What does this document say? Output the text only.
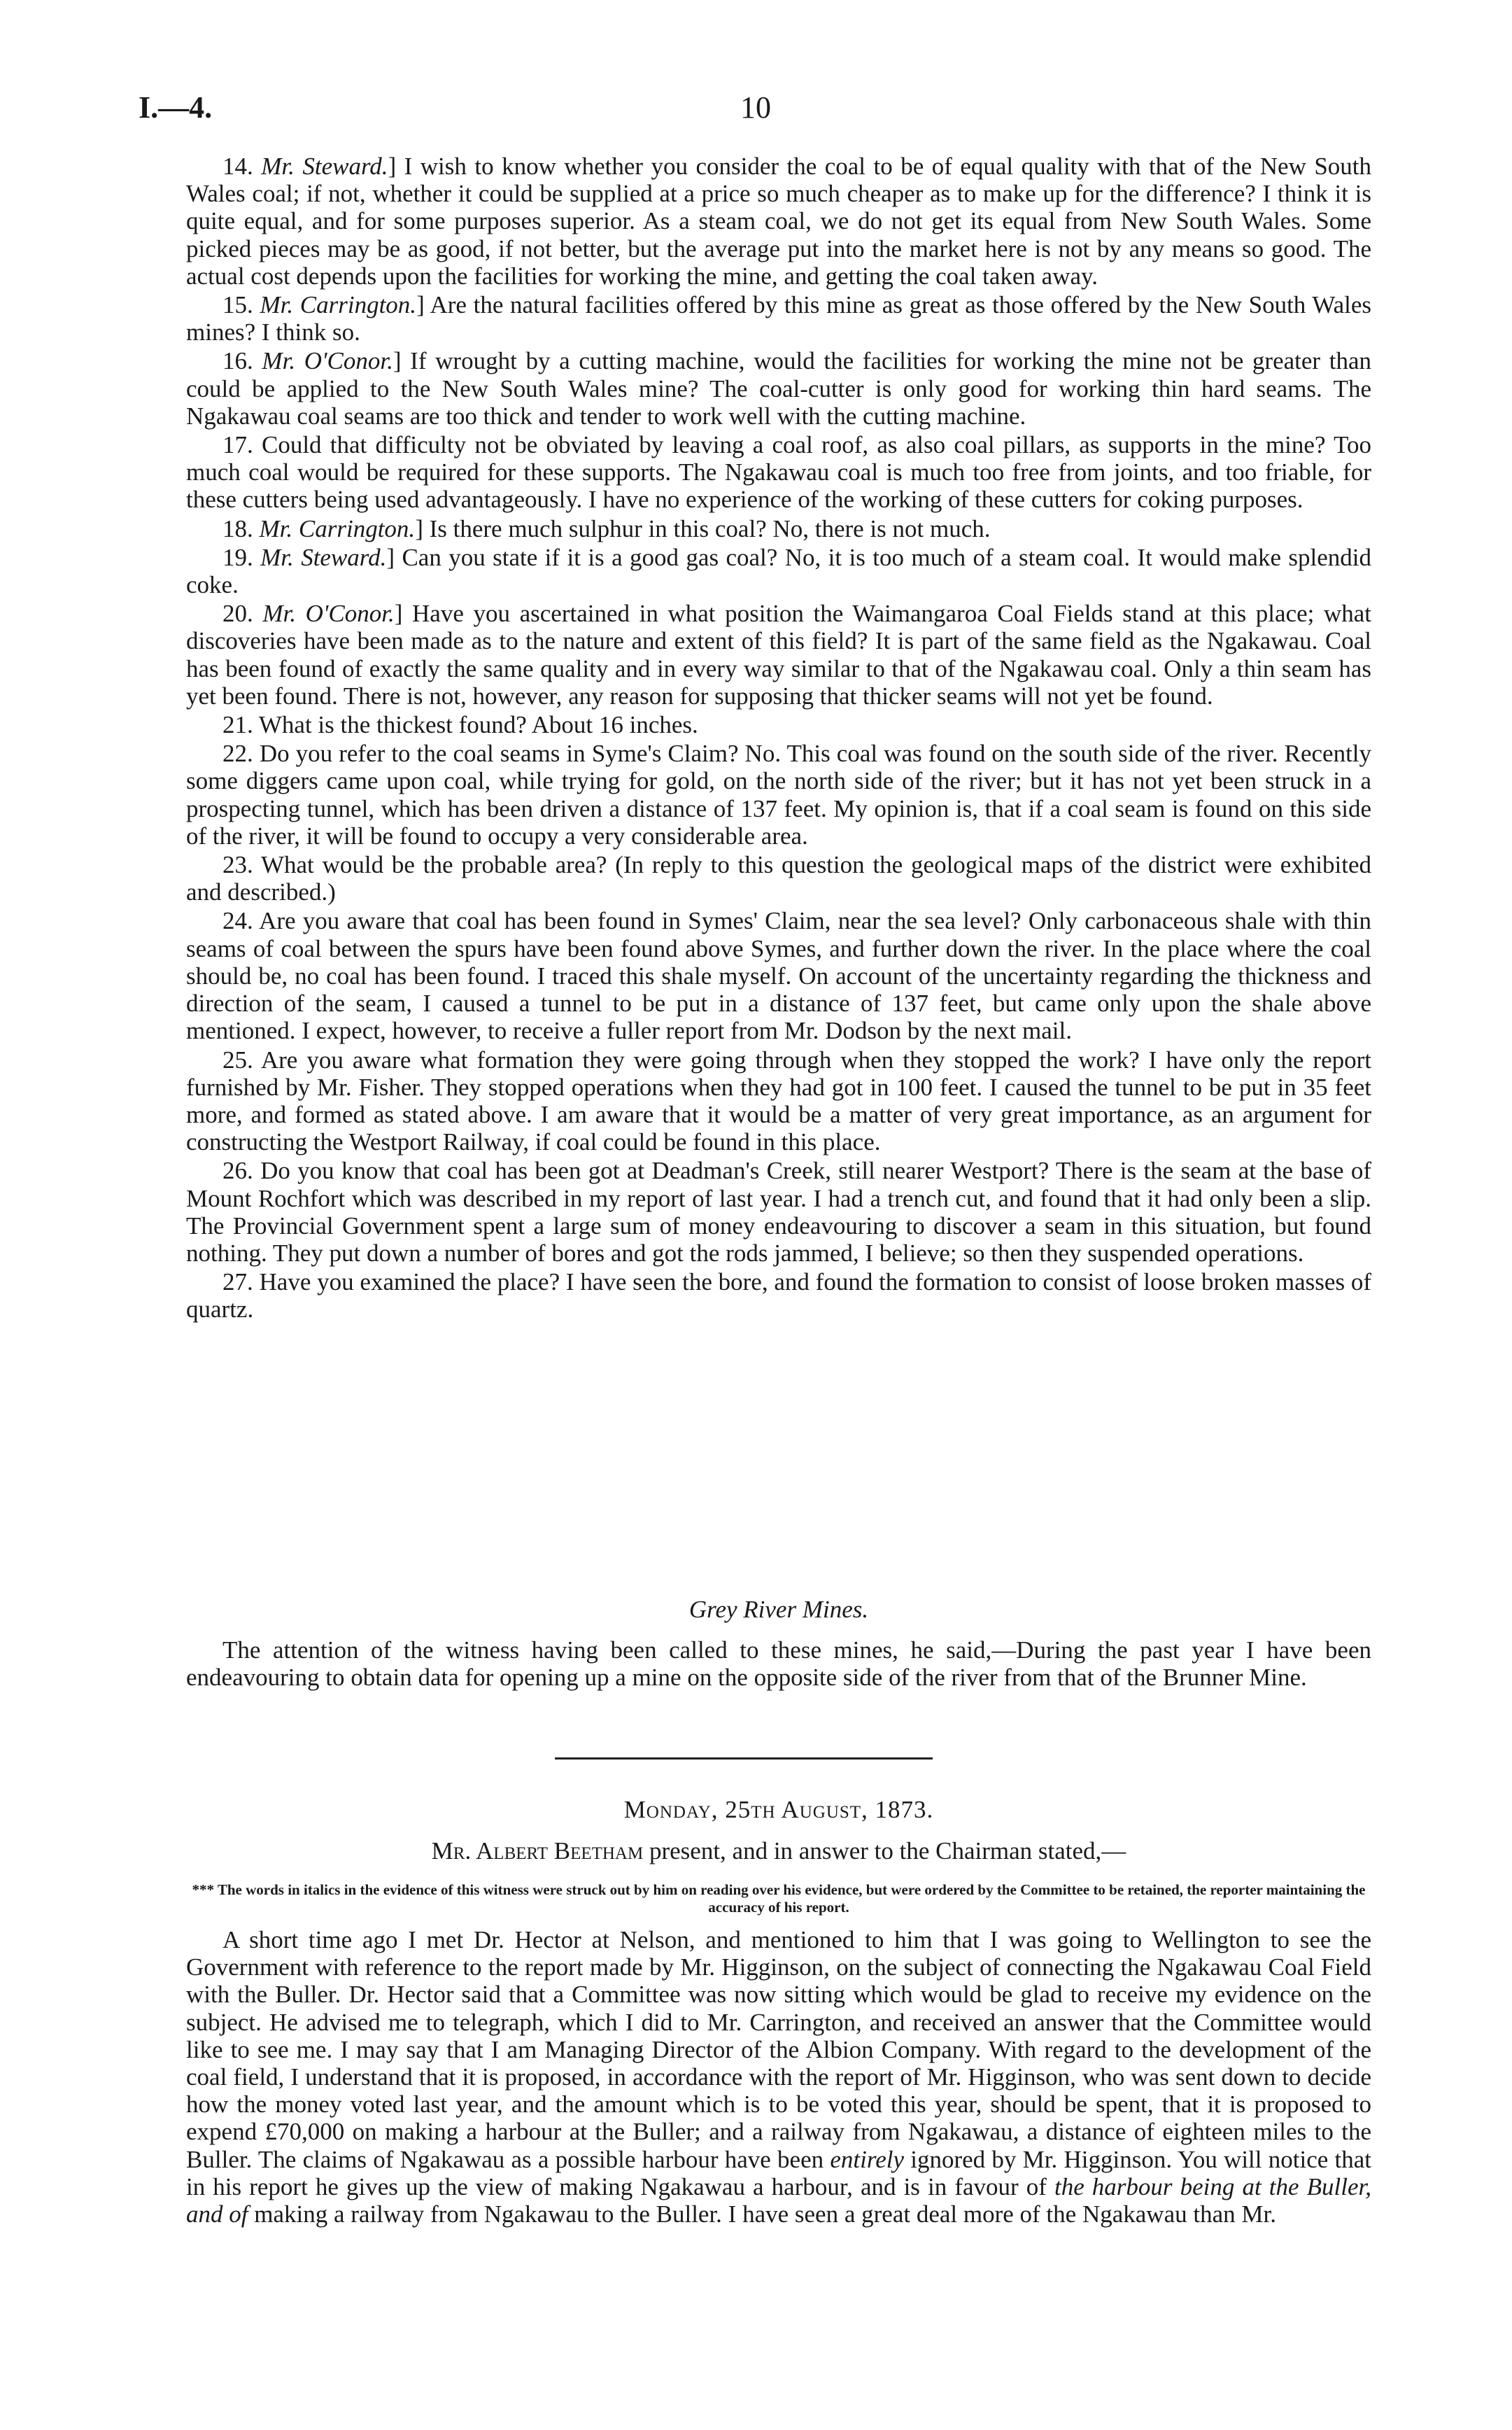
I.—4.	10

14. Mr. Steward.] I wish to know whether you consider the coal to be of equal quality with that of the New South Wales coal; if not, whether it could be supplied at a price so much cheaper as to make up for the difference? I think it is quite equal, and for some purposes superior. As a steam coal, we do not get its equal from New South Wales. Some picked pieces may be as good, if not better, but the average put into the market here is not by any means so good. The actual cost depends upon the facilities for working the mine, and getting the coal taken away.

15. Mr. Carrington.] Are the natural facilities offered by this mine as great as those offered by the New South Wales mines? I think so.

16. Mr. O'Conor.] If wrought by a cutting machine, would the facilities for working the mine not be greater than could be applied to the New South Wales mine? The coal-cutter is only good for working thin hard seams. The Ngakawau coal seams are too thick and tender to work well with the cutting machine.

17. Could that difficulty not be obviated by leaving a coal roof, as also coal pillars, as supports in the mine? Too much coal would be required for these supports. The Ngakawau coal is much too free from joints, and too friable, for these cutters being used advantageously. I have no experience of the working of these cutters for coking purposes.

18. Mr. Carrington.] Is there much sulphur in this coal? No, there is not much.

19. Mr. Steward.] Can you state if it is a good gas coal? No, it is too much of a steam coal. It would make splendid coke.

20. Mr. O'Conor.] Have you ascertained in what position the Waimangaroa Coal Fields stand at this place; what discoveries have been made as to the nature and extent of this field? It is part of the same field as the Ngakawau. Coal has been found of exactly the same quality and in every way similar to that of the Ngakawau coal. Only a thin seam has yet been found. There is not, however, any reason for supposing that thicker seams will not yet be found.

21. What is the thickest found? About 16 inches.

22. Do you refer to the coal seams in Syme's Claim? No. This coal was found on the south side of the river. Recently some diggers came upon coal, while trying for gold, on the north side of the river; but it has not yet been struck in a prospecting tunnel, which has been driven a distance of 137 feet. My opinion is, that if a coal seam is found on this side of the river, it will be found to occupy a very considerable area.

23. What would be the probable area? (In reply to this question the geological maps of the district were exhibited and described.)

24. Are you aware that coal has been found in Symes' Claim, near the sea level? Only carbonaceous shale with thin seams of coal between the spurs have been found above Symes, and further down the river. In the place where the coal should be, no coal has been found. I traced this shale myself. On account of the uncertainty regarding the thickness and direction of the seam, I caused a tunnel to be put in a distance of 137 feet, but came only upon the shale above mentioned. I expect, however, to receive a fuller report from Mr. Dodson by the next mail.

25. Are you aware what formation they were going through when they stopped the work? I have only the report furnished by Mr. Fisher. They stopped operations when they had got in 100 feet. I caused the tunnel to be put in 35 feet more, and formed as stated above. I am aware that it would be a matter of very great importance, as an argument for constructing the Westport Railway, if coal could be found in this place.

26. Do you know that coal has been got at Deadman's Creek, still nearer Westport? There is the seam at the base of Mount Rochfort which was described in my report of last year. I had a trench cut, and found that it had only been a slip. The Provincial Government spent a large sum of money endeavouring to discover a seam in this situation, but found nothing. They put down a number of bores and got the rods jammed, I believe; so then they suspended operations.

27. Have you examined the place? I have seen the bore, and found the formation to consist of loose broken masses of quartz.

Grey River Mines.

The attention of the witness having been called to these mines, he said,—During the past year I have been endeavouring to obtain data for opening up a mine on the opposite side of the river from that of the Brunner Mine.

Monday, 25th August, 1873.
Mr. Albert Beetham present, and in answer to the Chairman stated,—
*** The words in italics in the evidence of this witness were struck out by him on reading over his evidence, but were ordered by the Committee to be retained, the reporter maintaining the accuracy of his report.

A short time ago I met Dr. Hector at Nelson, and mentioned to him that I was going to Wellington to see the Government with reference to the report made by Mr. Higginson, on the subject of connecting the Ngakawau Coal Field with the Buller. Dr. Hector said that a Committee was now sitting which would be glad to receive my evidence on the subject. He advised me to telegraph, which I did to Mr. Carrington, and received an answer that the Committee would like to see me. I may say that I am Managing Director of the Albion Company. With regard to the development of the coal field, I understand that it is proposed, in accordance with the report of Mr. Higginson, who was sent down to decide how the money voted last year, and the amount which is to be voted this year, should be spent, that it is proposed to expend £70,000 on making a harbour at the Buller; and a railway from Ngakawau, a distance of eighteen miles to the Buller. The claims of Ngakawau as a possible harbour have been entirely ignored by Mr. Higginson. You will notice that in his report he gives up the view of making Ngakawau a harbour, and is in favour of the harbour being at the Buller, and of making a railway from Ngakawau to the Buller. I have seen a great deal more of the Ngakawau than Mr.
